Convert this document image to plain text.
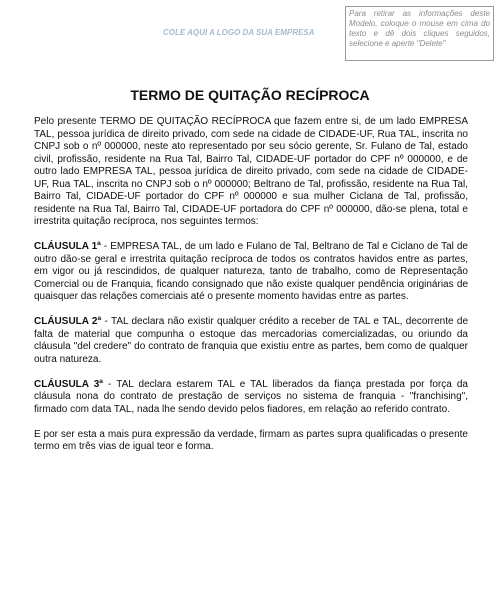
COLE AQUI A LOGO DA SUA EMPRESA
Para retirar as informações deste Modelo, coloque o mouse em cima do texto e dê dois cliques seguidos, selecione e aperte "Delete"
TERMO DE QUITAÇÃO RECÍPROCA

Pelo presente TERMO DE QUITAÇÃO RECÍPROCA que fazem entre si, de um lado EMPRESA TAL, pessoa jurídica de direito privado, com sede na cidade de CIDADE-UF, Rua TAL, inscrita no CNPJ sob o nº 000000, neste ato representado por seu sócio gerente, Sr. Fulano de Tal, estado civil, profissão, residente na Rua Tal, Bairro Tal, CIDADE-UF portador do CPF nº 000000, e de outro lado EMPRESA TAL, pessoa jurídica de direito privado, com sede na cidade de CIDADE-UF, Rua TAL, inscrita no CNPJ sob o nº 000000; Beltrano de Tal, profissão, residente na Rua Tal, Bairro Tal, CIDADE-UF portador do CPF nº 000000 e sua mulher Ciclana de Tal, profissão, residente na Rua Tal, Bairro Tal, CIDADE-UF portadora do CPF nº 000000, dão-se plena, total e irrestrita quitação recíproca, nos seguintes termos:

CLÁUSULA 1ª - EMPRESA TAL, de um lado e Fulano de Tal, Beltrano de Tal e Ciclano de Tal de outro dão-se geral e irrestrita quitação recíproca de todos os contratos havidos entre as partes, em vigor ou já rescindidos, de qualquer natureza, tanto de trabalho, como de Representação Comercial ou de Franquia, ficando consignado que não existe qualquer pendência originárias de quaisquer das relações comerciais até o presente momento havidas entre as partes.

CLÁUSULA 2ª - TAL declara não existir qualquer crédito a receber de TAL e TAL, decorrente de falta de material que compunha o estoque das mercadorias comercializadas, ou oriundo da cláusula "del credere" do contrato de franquia que existiu entre as partes, bem como de qualquer outra natureza.

CLÁUSULA 3ª - TAL declara estarem TAL e TAL liberados da fiança prestada por força da cláusula nona do contrato de prestação de serviços no sistema de franquia - "franchising", firmado com data TAL, nada lhe sendo devido pelos fiadores, em relação ao referido contrato.

E por ser esta a mais pura expressão da verdade, firmam as partes supra qualificadas o presente termo em três vias de igual teor e forma.
